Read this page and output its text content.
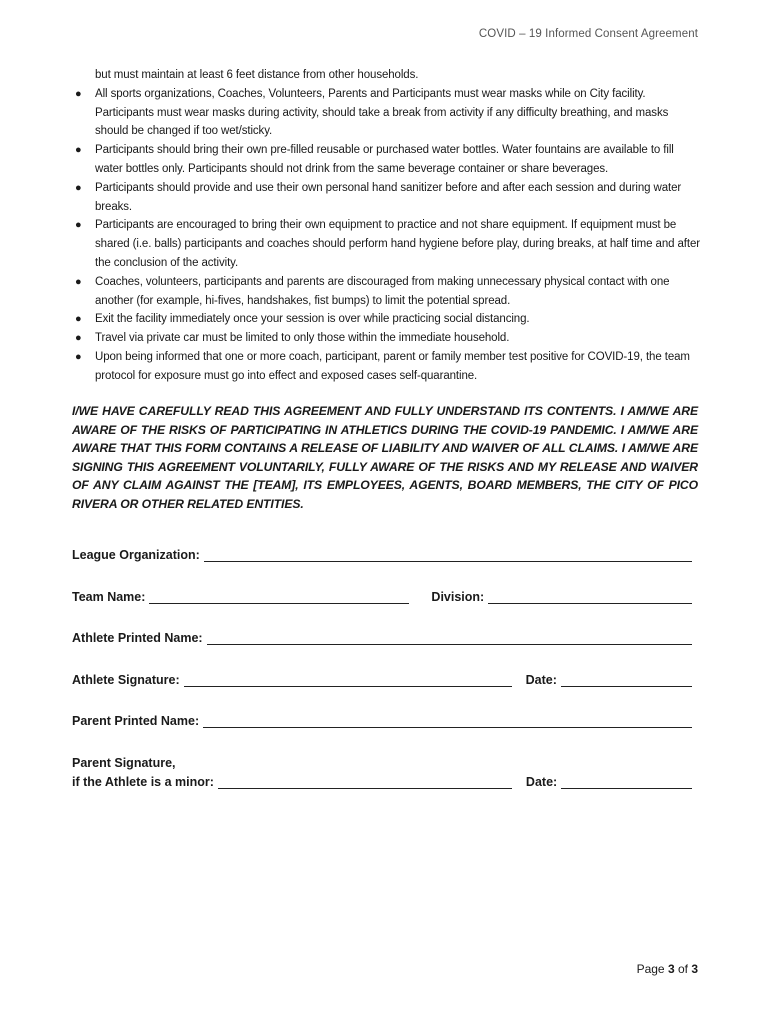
COVID – 19 Informed Consent Agreement
but must maintain at least 6 feet distance from other households.
● All sports organizations, Coaches, Volunteers, Parents and Participants must wear masks while on City facility. Participants must wear masks during activity, should take a break from activity if any difficulty breathing, and masks should be changed if too wet/sticky.
● Participants should bring their own pre-filled reusable or purchased water bottles. Water fountains are available to fill water bottles only. Participants should not drink from the same beverage container or share beverages.
● Participants should provide and use their own personal hand sanitizer before and after each session and during water breaks.
● Participants are encouraged to bring their own equipment to practice and not share equipment. If equipment must be shared (i.e. balls) participants and coaches should perform hand hygiene before play, during breaks, at half time and after the conclusion of the activity.
● Coaches, volunteers, participants and parents are discouraged from making unnecessary physical contact with one another (for example, hi-fives, handshakes, fist bumps) to limit the potential spread.
● Exit the facility immediately once your session is over while practicing social distancing.
● Travel via private car must be limited to only those within the immediate household.
● Upon being informed that one or more coach, participant, parent or family member test positive for COVID-19, the team protocol for exposure must go into effect and exposed cases self-quarantine.
I/WE HAVE CAREFULLY READ THIS AGREEMENT AND FULLY UNDERSTAND ITS CONTENTS. I AM/WE ARE AWARE OF THE RISKS OF PARTICIPATING IN ATHLETICS DURING THE COVID-19 PANDEMIC. I AM/WE ARE AWARE THAT THIS FORM CONTAINS A RELEASE OF LIABILITY AND WAIVER OF ALL CLAIMS. I AM/WE ARE SIGNING THIS AGREEMENT VOLUNTARILY, FULLY AWARE OF THE RISKS AND MY RELEASE AND WAIVER OF ANY CLAIM AGAINST THE [TEAM], ITS EMPLOYEES, AGENTS, BOARD MEMBERS, THE CITY OF PICO RIVERA OR OTHER RELATED ENTITIES.
League Organization:
Team Name:	Division:
Athlete Printed Name:
Athlete Signature:	Date:
Parent Printed Name:
Parent Signature,
if the Athlete is a minor:	Date:
Page 3 of 3
